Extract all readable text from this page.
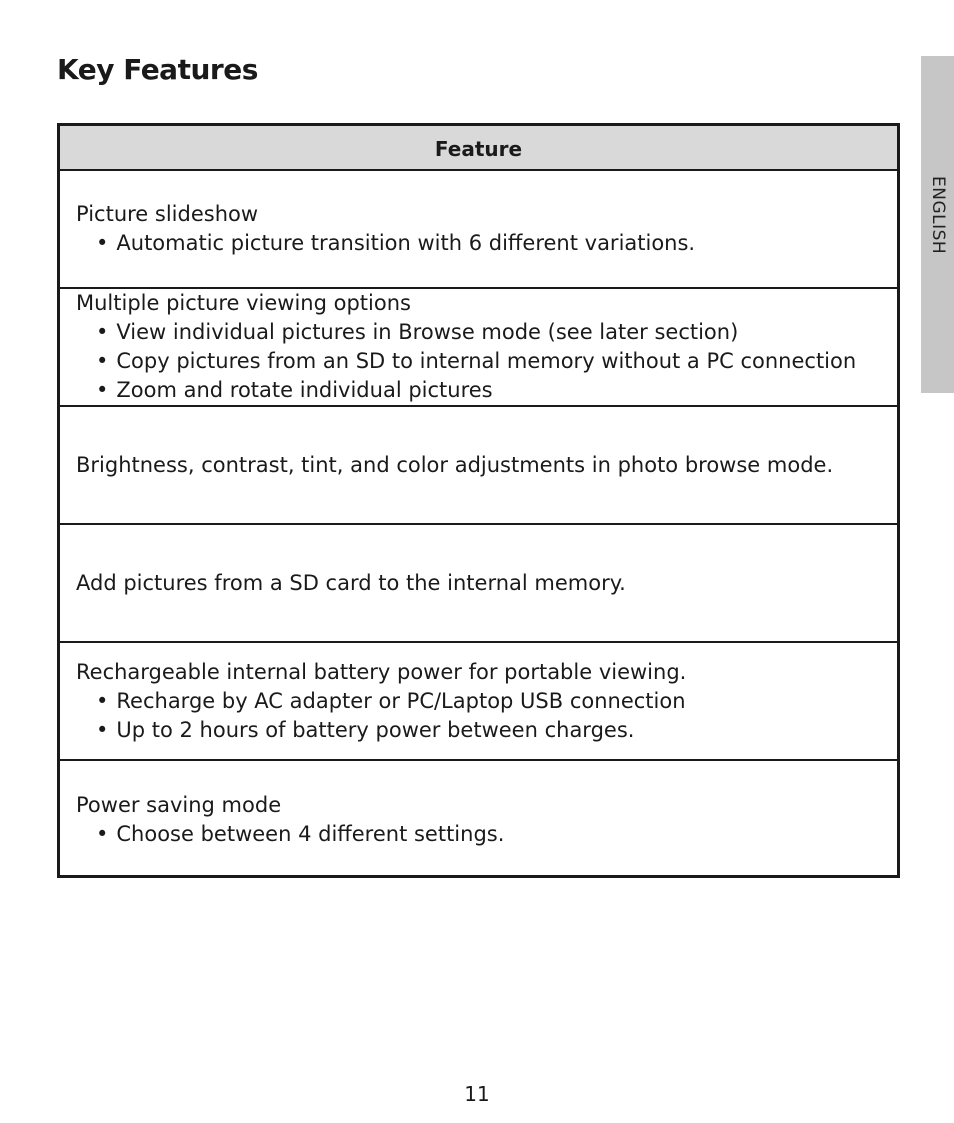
Key Features
ENGLISH
Feature
Picture slideshow
• Automatic picture transition with 6 different variations.
Multiple picture viewing options
• View individual pictures in Browse mode (see later section)
• Copy pictures from an SD to internal memory without a PC connection
• Zoom and rotate individual pictures
Brightness, contrast, tint, and color adjustments in photo browse mode.
Add pictures from a SD card to the internal memory.
Rechargeable internal battery power for portable viewing.
• Recharge by AC adapter or PC/Laptop USB connection
• Up to 2 hours of battery power between charges.
Power saving mode
• Choose between 4 different settings.
11
